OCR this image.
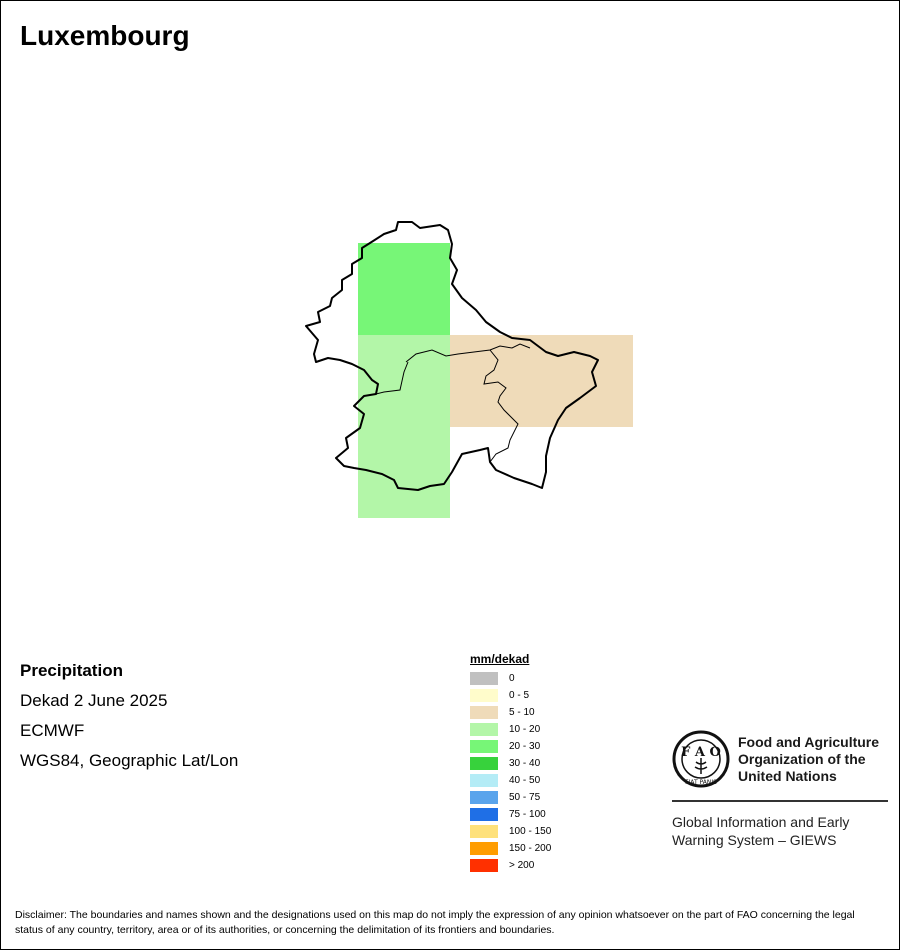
Luxembourg
Precipitation
Dekad 2 June 2025
ECMWF
WGS84, Geographic Lat/Lon
mm/dekad
0
0 - 5
5 - 10
10 - 20
20 - 30
30 - 40
40 - 50
50 - 75
75 - 100
100 - 150
150 - 200
> 200
F A O
FIAT PANIS
Food and Agriculture
Organization of the
United Nations
Global Information and Early
Warning System – GIEWS
Disclaimer: The boundaries and names shown and the designations used on this map do not imply the expression of any opinion whatsoever on the part of FAO concerning the legal status of any country, territory, area or of its authorities, or concerning the delimitation of its frontiers and boundaries.
